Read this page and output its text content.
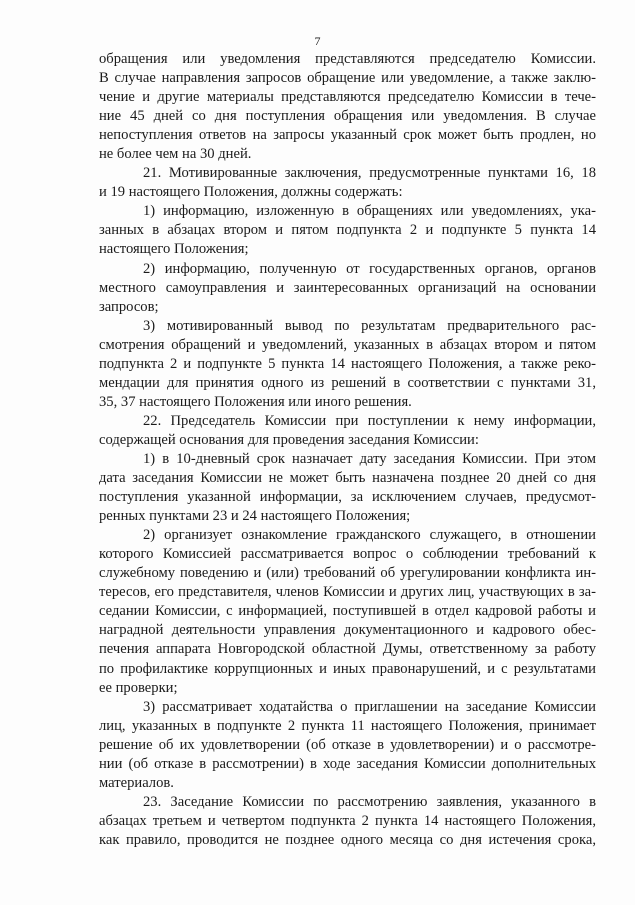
7
обращения или уведомления представляются председателю Комиссии.
В случае направления запросов обращение или уведомление, а также заклю-
чение и другие материалы представляются председателю Комиссии в тече-
ние 45 дней со дня поступления обращения или уведомления. В случае
непоступления ответов на запросы указанный срок может быть продлен, но
не более чем на 30 дней.
21. Мотивированные заключения, предусмотренные пунктами 16, 18
и 19 настоящего Положения, должны содержать:
1) информацию, изложенную в обращениях или уведомлениях, ука-
занных в абзацах втором и пятом подпункта 2 и подпункте 5 пункта 14
настоящего Положения;
2) информацию, полученную от государственных органов, органов
местного самоуправления и заинтересованных организаций на основании
запросов;
3) мотивированный вывод по результатам предварительного рас-
смотрения обращений и уведомлений, указанных в абзацах втором и пятом
подпункта 2 и подпункте 5 пункта 14 настоящего Положения, а также реко-
мендации для принятия одного из решений в соответствии с пунктами 31,
35, 37 настоящего Положения или иного решения.
22. Председатель Комиссии при поступлении к нему информации,
содержащей основания для проведения заседания Комиссии:
1) в 10-дневный срок назначает дату заседания Комиссии. При этом
дата заседания Комиссии не может быть назначена позднее 20 дней со дня
поступления указанной информации, за исключением случаев, предусмот-
ренных пунктами 23 и 24 настоящего Положения;
2) организует ознакомление гражданского служащего, в отношении
которого Комиссией рассматривается вопрос о соблюдении требований к
служебному поведению и (или) требований об урегулировании конфликта ин-
тересов, его представителя, членов Комиссии и других лиц, участвующих в за-
седании Комиссии, с информацией, поступившей в отдел кадровой работы и
наградной деятельности управления документационного и кадрового обес-
печения аппарата Новгородской областной Думы, ответственному за работу
по профилактике коррупционных и иных правонарушений, и с результатами
ее проверки;
3) рассматривает ходатайства о приглашении на заседание Комиссии
лиц, указанных в подпункте 2 пункта 11 настоящего Положения, принимает
решение об их удовлетворении (об отказе в удовлетворении) и о рассмотре-
нии (об отказе в рассмотрении) в ходе заседания Комиссии дополнительных
материалов.
23. Заседание Комиссии по рассмотрению заявления, указанного в
абзацах третьем и четвертом подпункта 2 пункта 14 настоящего Положения,
как правило, проводится не позднее одного месяца со дня истечения срока,
